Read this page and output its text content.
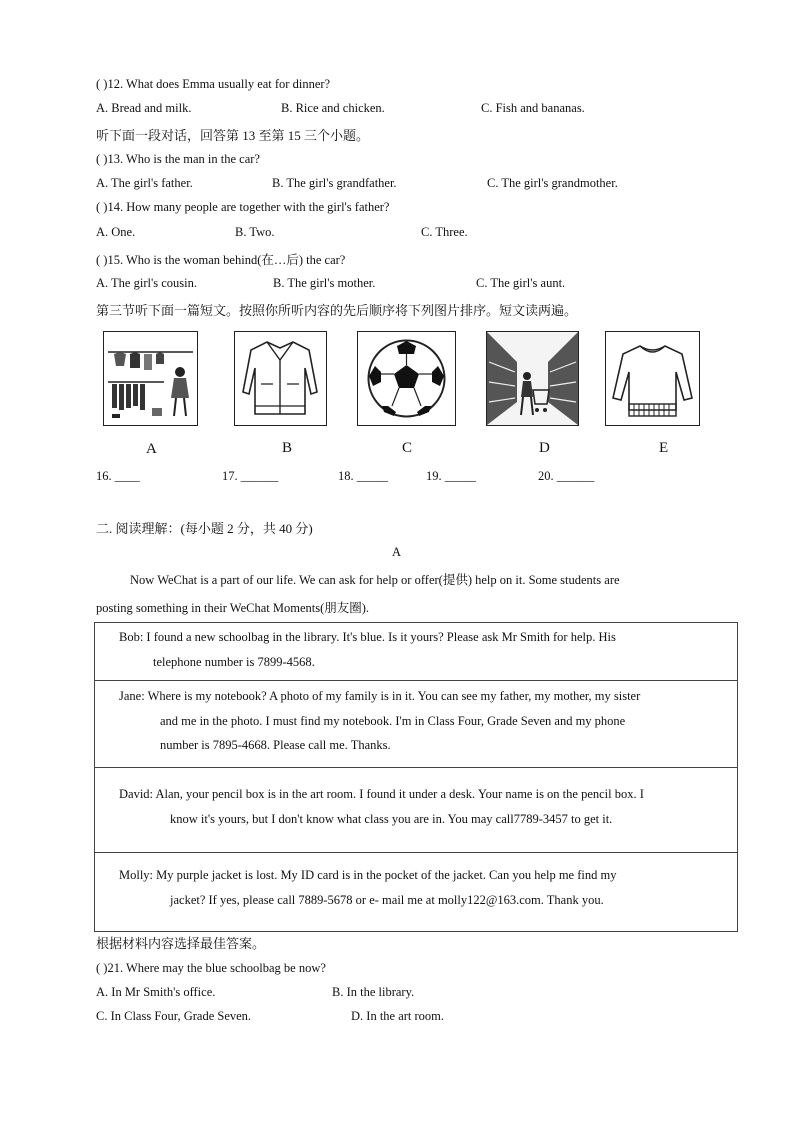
( )12. What does Emma usually eat for dinner?
A. Bread and milk.	B. Rice and chicken.	C. Fish and bananas.
听下面一段对话，回答第 13 至第 15 三个小题。
( )13. Who is the man in the car?
A. The girl's father.	B. The girl's grandfather.	C. The girl's grandmother.
( )14. How many people are together with the girl's father?
A. One.	B. Two.	C. Three.
( )15. Who is the woman behind(在…后) the car?
A. The girl's cousin.	B. The girl's mother.	C. The girl's aunt.
第三节听下面一篇短文。按照你所听内容的先后顺序将下列图片排序。短文读两遍。
A	B	C	D	E
16. ____	17. ______	18. _____	19. _____	20. ______
二. 阅读理解：(每小题 2 分，共 40 分)
A
Now WeChat is a part of our life. We can ask for help or offer(提供) help on it. Some students are
posting something in their WeChat Moments(朋友圈).
Bob: I found a new schoolbag in the library. It's blue. Is it yours? Please ask Mr Smith for help. His
telephone number is 7899-4568.

Jane: Where is my notebook? A photo of my family is in it. You can see my father, my mother, my sister
and me in the photo. I must find my notebook. I'm in Class Four, Grade Seven and my phone
number is 7895-4668. Please call me. Thanks.

David: Alan, your pencil box is in the art room. I found it under a desk. Your name is on the pencil box. I
know it's yours, but I don't know what class you are in. You may call7789-3457 to get it.

Molly: My purple jacket is lost. My ID card is in the pocket of the jacket. Can you help me find my
jacket? If yes, please call 7889-5678 or e- mail me at molly122@163.com. Thank you.
根据材料内容选择最佳答案。
( )21. Where may the blue schoolbag be now?
A. In Mr Smith's office.	B. In the library.
C. In Class Four, Grade Seven.	D. In the art room.
